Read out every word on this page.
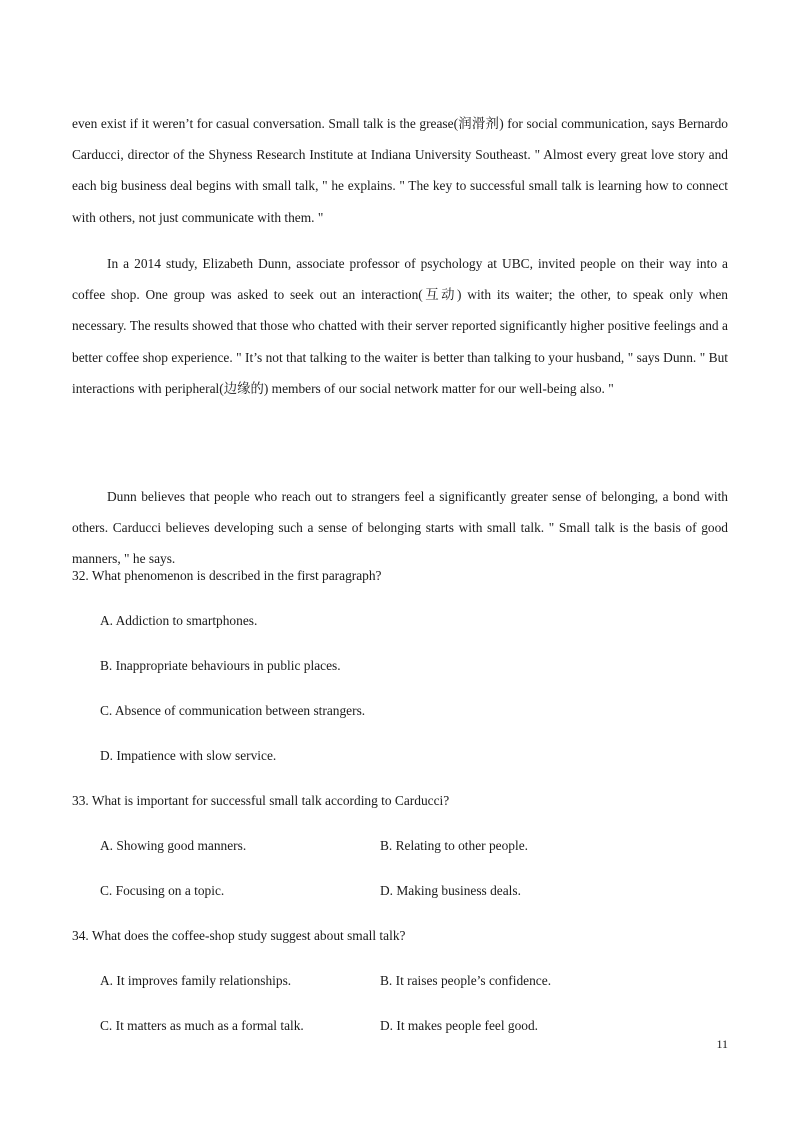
even exist if it weren’t for casual conversation. Small talk is the grease(润滑剂) for social communication, says Bernardo Carducci, director of the Shyness Research Institute at Indiana University Southeast. " Almost every great love story and each big business deal begins with small talk, " he explains. " The key to successful small talk is learning how to connect with others, not just communicate with them. "

In a 2014 study, Elizabeth Dunn, associate professor of psychology at UBC, invited people on their way into a coffee shop. One group was asked to seek out an interaction(互动) with its waiter; the other, to speak only when necessary. The results showed that those who chatted with their server reported significantly higher positive feelings and a better coffee shop experience. " It’s not that talking to the waiter is better than talking to your husband, " says Dunn. " But interactions with peripheral(边缘的) members of our social network matter for our well-being also. "

Dunn believes that people who reach out to strangers feel a significantly greater sense of belonging, a bond with others. Carducci believes developing such a sense of belonging starts with small talk. " Small talk is the basis of good manners, " he says.

32. What phenomenon is described in the first paragraph?

A. Addiction to smartphones.

B. Inappropriate behaviours in public places.

C. Absence of communication between strangers.

D. Impatience with slow service.

33. What is important for successful small talk according to Carducci?

A. Showing good manners.	B. Relating to other people.

C. Focusing on a topic.	D. Making business deals.

34. What does the coffee-shop study suggest about small talk?

A. It improves family relationships.	B. It raises people’s confidence.

C. It matters as much as a formal talk.	D. It makes people feel good.

11
